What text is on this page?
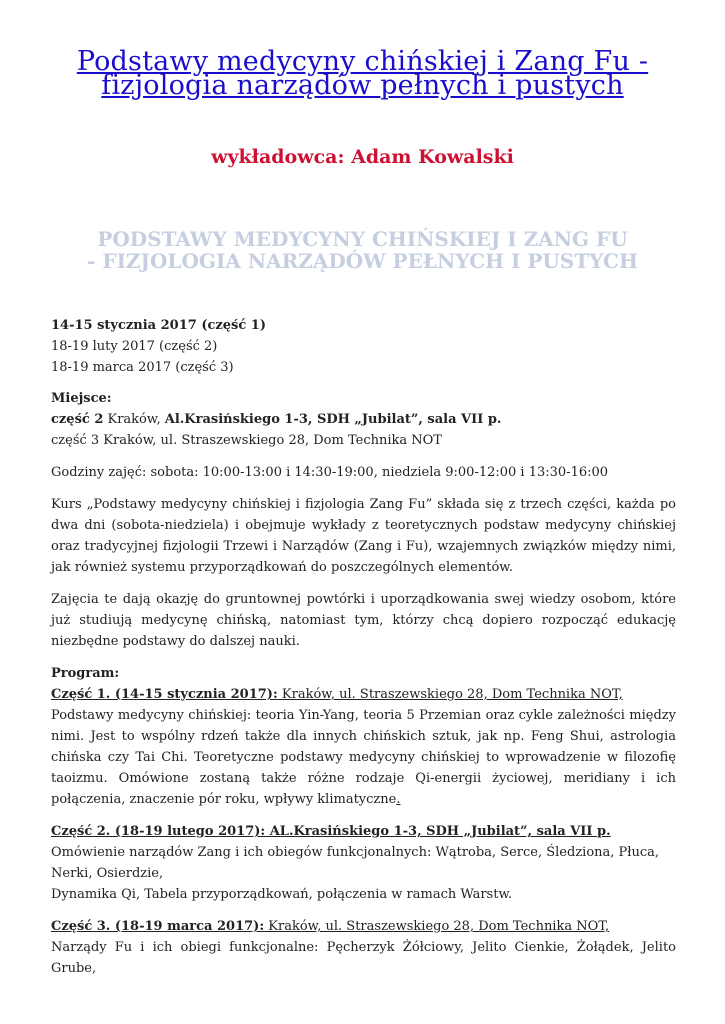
Podstawy medycyny chińskiej i Zang Fu -
fizjologia narządów pełnych i pustych
wykładowca: Adam Kowalski
PODSTAWY MEDYCYNY CHIŃSKIEJ I ZANG FU
- FIZJOLOGIA NARZĄDÓW PEŁNYCH I PUSTYCH

14-15 stycznia 2017 (część 1)
18-19 luty 2017 (część 2)
18-19 marca 2017 (część 3)

Miejsce:
część 2 Kraków, Al.Krasińskiego 1-3, SDH „Jubilat”, sala VII p.
część 3 Kraków, ul. Straszewskiego 28, Dom Technika NOT

Godziny zajęć: sobota: 10:00-13:00 i 14:30-19:00, niedziela 9:00-12:00 i 13:30-16:00

Kurs „Podstawy medycyny chińskiej i fizjologia Zang Fu” składa się z trzech części, każda po dwa dni (sobota-niedziela) i obejmuje wykłady z teoretycznych podstaw medycyny chińskiej oraz tradycyjnej fizjologii Trzewi i Narządów (Zang i Fu), wzajemnych związków między nimi, jak również systemu przyporządkowań do poszczególnych elementów.

Zajęcia te dają okazję do gruntownej powtórki i uporządkowania swej wiedzy osobom, które już studiują medycynę chińską, natomiast tym, którzy chcą dopiero rozpocząć edukację niezbędne podstawy do dalszej nauki.

Program:
Część 1. (14-15 stycznia 2017): Kraków, ul. Straszewskiego 28, Dom Technika NOT,

Podstawy medycyny chińskiej: teoria Yin-Yang, teoria 5 Przemian oraz cykle zależności między nimi. Jest to wspólny rdzeń także dla innych chińskich sztuk, jak np. Feng Shui, astrologia chińska czy Tai Chi. Teoretyczne podstawy medycyny chińskiej to wprowadzenie w filozofię taoizmu. Omówione zostaną także różne rodzaje Qi-energii życiowej, meridiany i ich połączenia, znaczenie pór roku, wpływy klimatyczne.

Część 2. (18-19 lutego 2017): AL.Krasińskiego 1-3, SDH „Jubilat”, sala VII p.
Omówienie narządów Zang i ich obiegów funkcjonalnych: Wątroba, Serce, Śledziona, Płuca, Nerki, Osierdzie,
Dynamika Qi, Tabela przyporządkowań, połączenia w ramach Warstw.

Część 3. (18-19 marca 2017): Kraków, ul. Straszewskiego 28, Dom Technika NOT,

Narządy Fu i ich obiegi funkcjonalne: Pęcherzyk Żółciowy, Jelito Cienkie, Żołądek, Jelito Grube,
